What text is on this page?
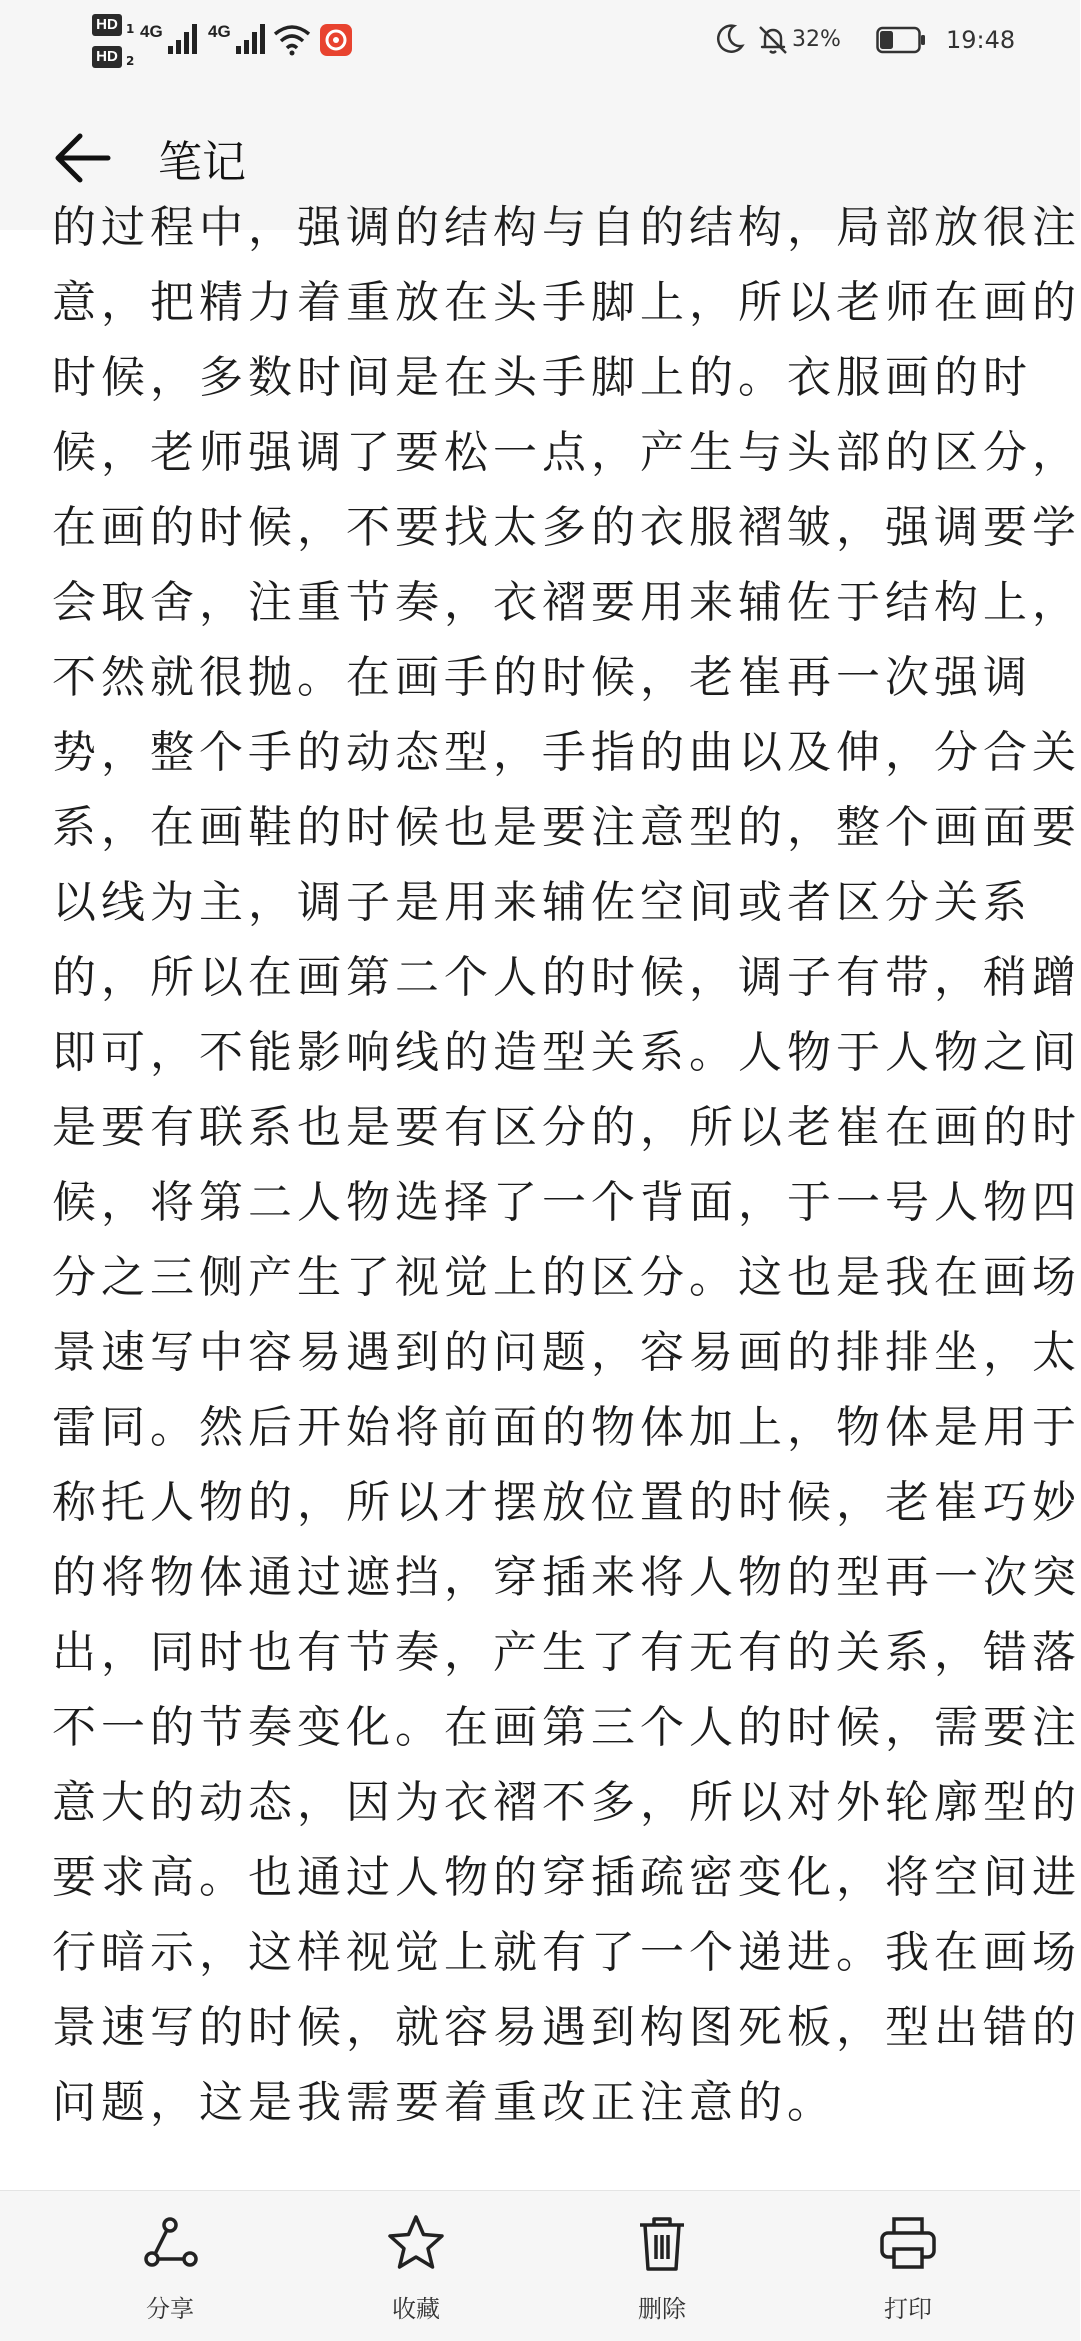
HD 1
HD 2
4G	4G	32%	19:48
笔记
的过程中，强调的结构与自的结构，局部放很注
意，把精力着重放在头手脚上，所以老师在画的
时候，多数时间是在头手脚上的。衣服画的时
候，老师强调了要松一点，产生与头部的区分，
在画的时候，不要找太多的衣服褶皱，强调要学
会取舍，注重节奏，衣褶要用来辅佐于结构上，
不然就很抛。在画手的时候，老崔再一次强调
势，整个手的动态型，手指的曲以及伸，分合关
系，在画鞋的时候也是要注意型的，整个画面要
以线为主，调子是用来辅佐空间或者区分关系
的，所以在画第二个人的时候，调子有带，稍蹭
即可，不能影响线的造型关系。人物于人物之间
是要有联系也是要有区分的，所以老崔在画的时
候，将第二人物选择了一个背面，于一号人物四
分之三侧产生了视觉上的区分。这也是我在画场
景速写中容易遇到的问题，容易画的排排坐，太
雷同。然后开始将前面的物体加上，物体是用于
称托人物的，所以才摆放位置的时候，老崔巧妙
的将物体通过遮挡，穿插来将人物的型再一次突
出，同时也有节奏，产生了有无有的关系，错落
不一的节奏变化。在画第三个人的时候，需要注
意大的动态，因为衣褶不多，所以对外轮廓型的
要求高。也通过人物的穿插疏密变化，将空间进
行暗示，这样视觉上就有了一个递进。我在画场
景速写的时候，就容易遇到构图死板，型出错的
问题，这是我需要着重改正注意的。
分享	收藏	删除	打印
